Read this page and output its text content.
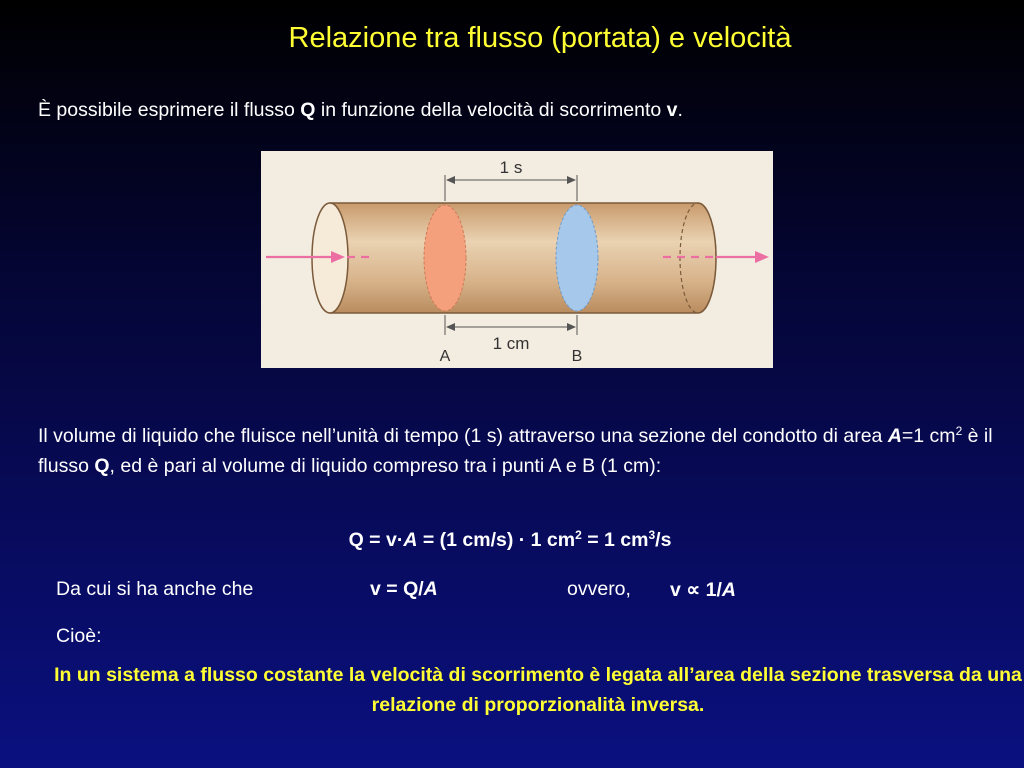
Relazione tra flusso (portata) e velocità
È possibile esprimere il flusso Q in funzione della velocità di scorrimento v.
1 s
1 cm
A	B
Il volume di liquido che fluisce nell’unità di tempo (1 s) attraverso una sezione del condotto di area A=1 $cm^2$ è il flusso Q, ed è pari al volume di liquido compreso tra i punti A e B (1 cm):
Q = v·A = (1 cm/s) · 1 $cm^2 = 1$ $cm^3/s$
Da cui si ha anche che	v = Q/A	ovvero, v ∝ 1/A
Cioè:
In un sistema a flusso costante la velocità di scorrimento è legata all’area della sezione trasversa da una relazione di proporzionalità inversa.
